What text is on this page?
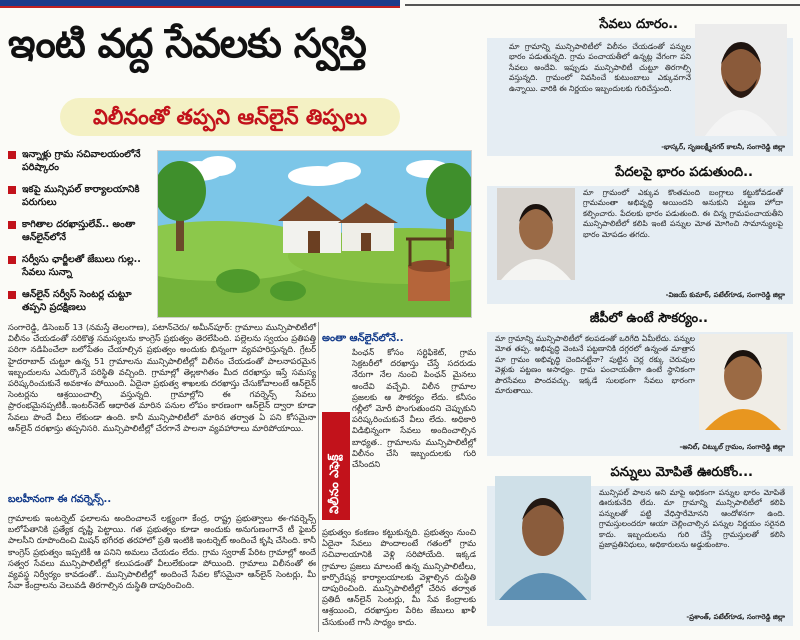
ఇంటి వద్ద సేవలకు స్వస్తి
విలీనంతో తప్పని ఆన్‌లైన్‌ తిప్పలు
ఇన్నాళ్లు గ్రామ సచివాలయంలోనే పరిష్కారం
ఇకపై మున్సిపల్‌ కార్యాలయానికి పరుగులు
కాగితాల దరఖాస్తులేవ్‌.. అంతా ఆన్‌లైన్‌లోనే
సర్వీసు ఛార్జీలతో జేబులు గుల్ల.. సేవలు సున్నా
ఆన్‌లైన్‌ సర్వీస్‌ సెంటర్ల చుట్టూ తప్పని ప్రదక్షిణలు
సంగారెడ్డి, డిసెంబర్ 13 (నమస్తే తెలంగాణ), పటాన్‌చెరు/ అమీన్‌పూర్‌: గ్రామాలు మున్సిపాలిటీలో విలీనం చేయడంతో సరికొత్త సమస్యలను కాంగ్రెస్‌ ప్రభుత్వం తెరలేపింది. పల్లెలను స్వయం ప్రతిపత్తి పరిగా నడిపించేలా బలోపేతం చేయాల్సిన ప్రభుత్వం అందుకు భిన్నంగా వ్యవహరిస్తున్నది. గ్రేటర్‌ హైదరాబాద్‌ చుట్టూ ఉన్న 51 గ్రామాలను మున్సిపాలిటీల్లో విలీనం చేయడంతో పాలనాపరమైన ఇబ్బందులను ఎదుర్కొనే పరిస్థితి వచ్చింది. గ్రామాల్లో తెల్లకాగితం మీద దరఖాస్తు ఇస్తే సమస్య పరిష్కరించుకునే అవకాశం పోయింది. ఏదైనా ప్రభుత్వ శాఖలకు దరఖాస్తు చేసుకోవాలంటే ఆన్‌లైన్‌ సెంటర్లను ఆశ్రయించాల్సి వస్తున్నది. గ్రామాల్లోని ఈ గవర్నెన్స్‌ సేవలు ప్రారంభమైనప్పటికీ..ఇంటర్‌నెట్‌ ఆధారిత మారిన పనుల లోపం కారణంగా ఆన్‌లైన్‌ ద్వారా కూడా సేవలు పొందే వీలు లేకుండా ఉంది. కానీ మున్సిపాలిటీలో మారిన తర్వాత ఏ పని కోసమైనా ఆన్‌లైన్‌ దరఖాస్తు తప్పనిసరి. మున్సిపాలిటీల్లో చేరగానే పాలనా వ్యవహారాలు మారిపోయాయి.
బలహీనంగా ఈ గవర్నెన్స్‌..
గ్రామాలకు ఇంటర్నెట్‌ ఫలాలను అందించాలనే లక్ష్యంగా కేంద్ర, రాష్ట్ర ప్రభుత్వాలు ఈ-గవర్నెన్స్‌ బలోపేతానికి ప్రత్యేక దృష్టి పెట్టాయి. గత ప్రభుత్వం కూడా అందుకు అనుగుణంగానే టీ ఫైబర్‌ పాలసీని రూపొందించి మిషన్‌ భగీరథ తరహాలో ప్రతి ఇంటికి ఇంటర్నెట్‌ అందించే కృషి చేసింది. కానీ కాంగ్రెస్‌ ప్రభుత్వం ఇప్పటికీ ఆ పనిని అమలు చేయడం లేదు. గ్రామ స్వరాజ్‌ పేరిట గ్రామాల్లో అందే సత్వర సేవలు మున్సిపాలిటీల్లో కలుపడంతో వీలులేకుండా పోయింది. గ్రామాలు విలీనంతో ఈ వ్యవస్థ నిర్వీర్యం కావడంతో.. మున్సిపాలిటీల్లో అందించే సేవల కోసమైనా ఆన్‌లైన్‌ సెంటర్లు, మీ సేవా కేంద్రాలను వెలువడి తిరగాల్సిన దుస్థితి దాపురించింది.
అంతా ఆన్‌లైన్‌లోనే..
విలీనం ఎఫెక్ట్‌
పింఛన్‌ కోసం సర్టిఫికెట్‌, గ్రామ సెక్రటరీలో దరఖాస్తు చేస్తే సదరుడు నేరుగా నేల నుంచి పింఛన్‌ మైనలు అందేవి వచ్చేవి. విలీన గ్రామాల ప్రజలకు ఆ సౌకర్యం లేదు. కనీసం గల్లీలో మోరీ పొంగుతుందని చెప్పుకుని పరిష్కరించుకునే వీలు లేదు. అధికారి విడిభిన్నంగా సేవలు అందించాల్సిన బాధ్యత.. గ్రామాలను మున్సిపాలిటీల్లో విలీనం చేసి ఇబ్బందులకు గురి చేసిందని
ప్రభుత్వం కంకణం కట్టుకున్నది. ప్రభుత్వం నుంచి ఏదైనా సేవలు పొందాలంటే గతంలో గ్రామ సచివాలయానికి వెళ్లి సరిపోయేది. ఇక్కడ గ్రామాల ప్రజలు మాలంటే ఉన్న మున్సిపాలిటీలు, కార్పొరేషన్ల కార్యాలయాలకు వెళ్లాల్సిన దుస్థితి దాపురించింది. మున్సిపాలిటీల్లో చేరిన తర్వాత ప్రతిదీ ఆన్‌లైన్‌ సెంటర్లు, మీ సేవ కేంద్రాలకు ఆశ్రయించి, దరఖాస్తుల పేరిట జేబులు ఖాళీ చేసుకుంటే గానీ సాధ్యం కాదు.
సేవలు దూరం..
మా గ్రామాన్ని మున్సిపాలిటీలో విలీనం చేయడంతో పన్నుల భారం పడుతున్నది. గ్రామ పంచాయతీలో ఉన్నట్ల వేగంగా పని సేవలు అందేవి. ఇప్పుడు మున్సిపాలిటీ చుట్టూ తిరగాల్సి వస్తున్నది. గ్రామంలో నివసించే కుటుంబాలు ఎక్కువగానే ఉన్నాయి. వారికి ఈ నిర్ణయం ఇబ్బందులకు గురిచేస్తుంది.
-భాస్కర్‌, సృజలక్ష్మీనగర్‌ కాలనీ, సంగారెడ్డి జిల్లా
పేదలపై భారం పడుతుంది..
మా గ్రామంలో ఎక్కువ కొంతమంది బంగ్లాలు కట్టుకోవడంతో గ్రామమంతా అభివృద్ధి అయిందని అనుకుని పట్టణ హోదా కల్పించారు. పేదలకు భారం పడుతుంది. ఈ చిన్న గ్రామపంచాయతీని మున్సిపాలిటీలో కలిపి ఇంటి పన్నుల మోత మోగించి సామాన్యులపై భారం మోపడం తగదు.
-విజయ్‌ కుమార్‌, పటేల్‌గూడ, సంగారెడ్డి జిల్లా
జీపీలో ఉంటే సౌకర్యం..
మా గ్రామాన్ని మున్సిపాలిటీలో కలపడంతో ఒరిగేది ఏమీలేదు. పన్నుల మోత తప్ప. అభివృద్ధి వెంటనే పట్టణానికి దగ్గరలో ఉన్నంత మాత్రాన మా గ్రామం అభివృద్ధి చెందినట్టేనా? పుట్టిన చెర్ల రక్కు చెరువుల వెళ్లుకు పట్టణం అసాధ్యం. గ్రామ పంచాయతీగా ఉంటే స్థానికంగా పౌరసేవలు పొందవచ్చు. ఇక్కడే సులభంగా సేవలు భారంగా మారుతాయి.
-అనిల్‌, చిట్కుల్‌ గ్రామం, సంగారెడ్డి జిల్లా
పన్నులు మోపితే ఊరుకోం...
మున్సిపల్‌ పాలన అని మాపై అధికంగా పన్నుల భారం మోపితే ఊరుకునేది లేదు. మా గ్రామాన్ని మున్సిపాలిటీలో కలిపి పన్నులతో పట్టి వేధిస్తారేమోనని ఆందోళనగా ఉంది. గ్రామస్తులందరూ ఆయా చెల్లించాల్సిన పన్నుల నిర్ణయం సరైనది కాదు. ఇబ్బందులను గురి చేస్తే గ్రామస్తులతో కలిసి ప్రజాప్రతినిధులు, అధికారులను అడ్డుకుంటాం.
-ప్రశాంత్‌, పటేల్‌గూడ, సంగారెడ్డి జిల్లా
